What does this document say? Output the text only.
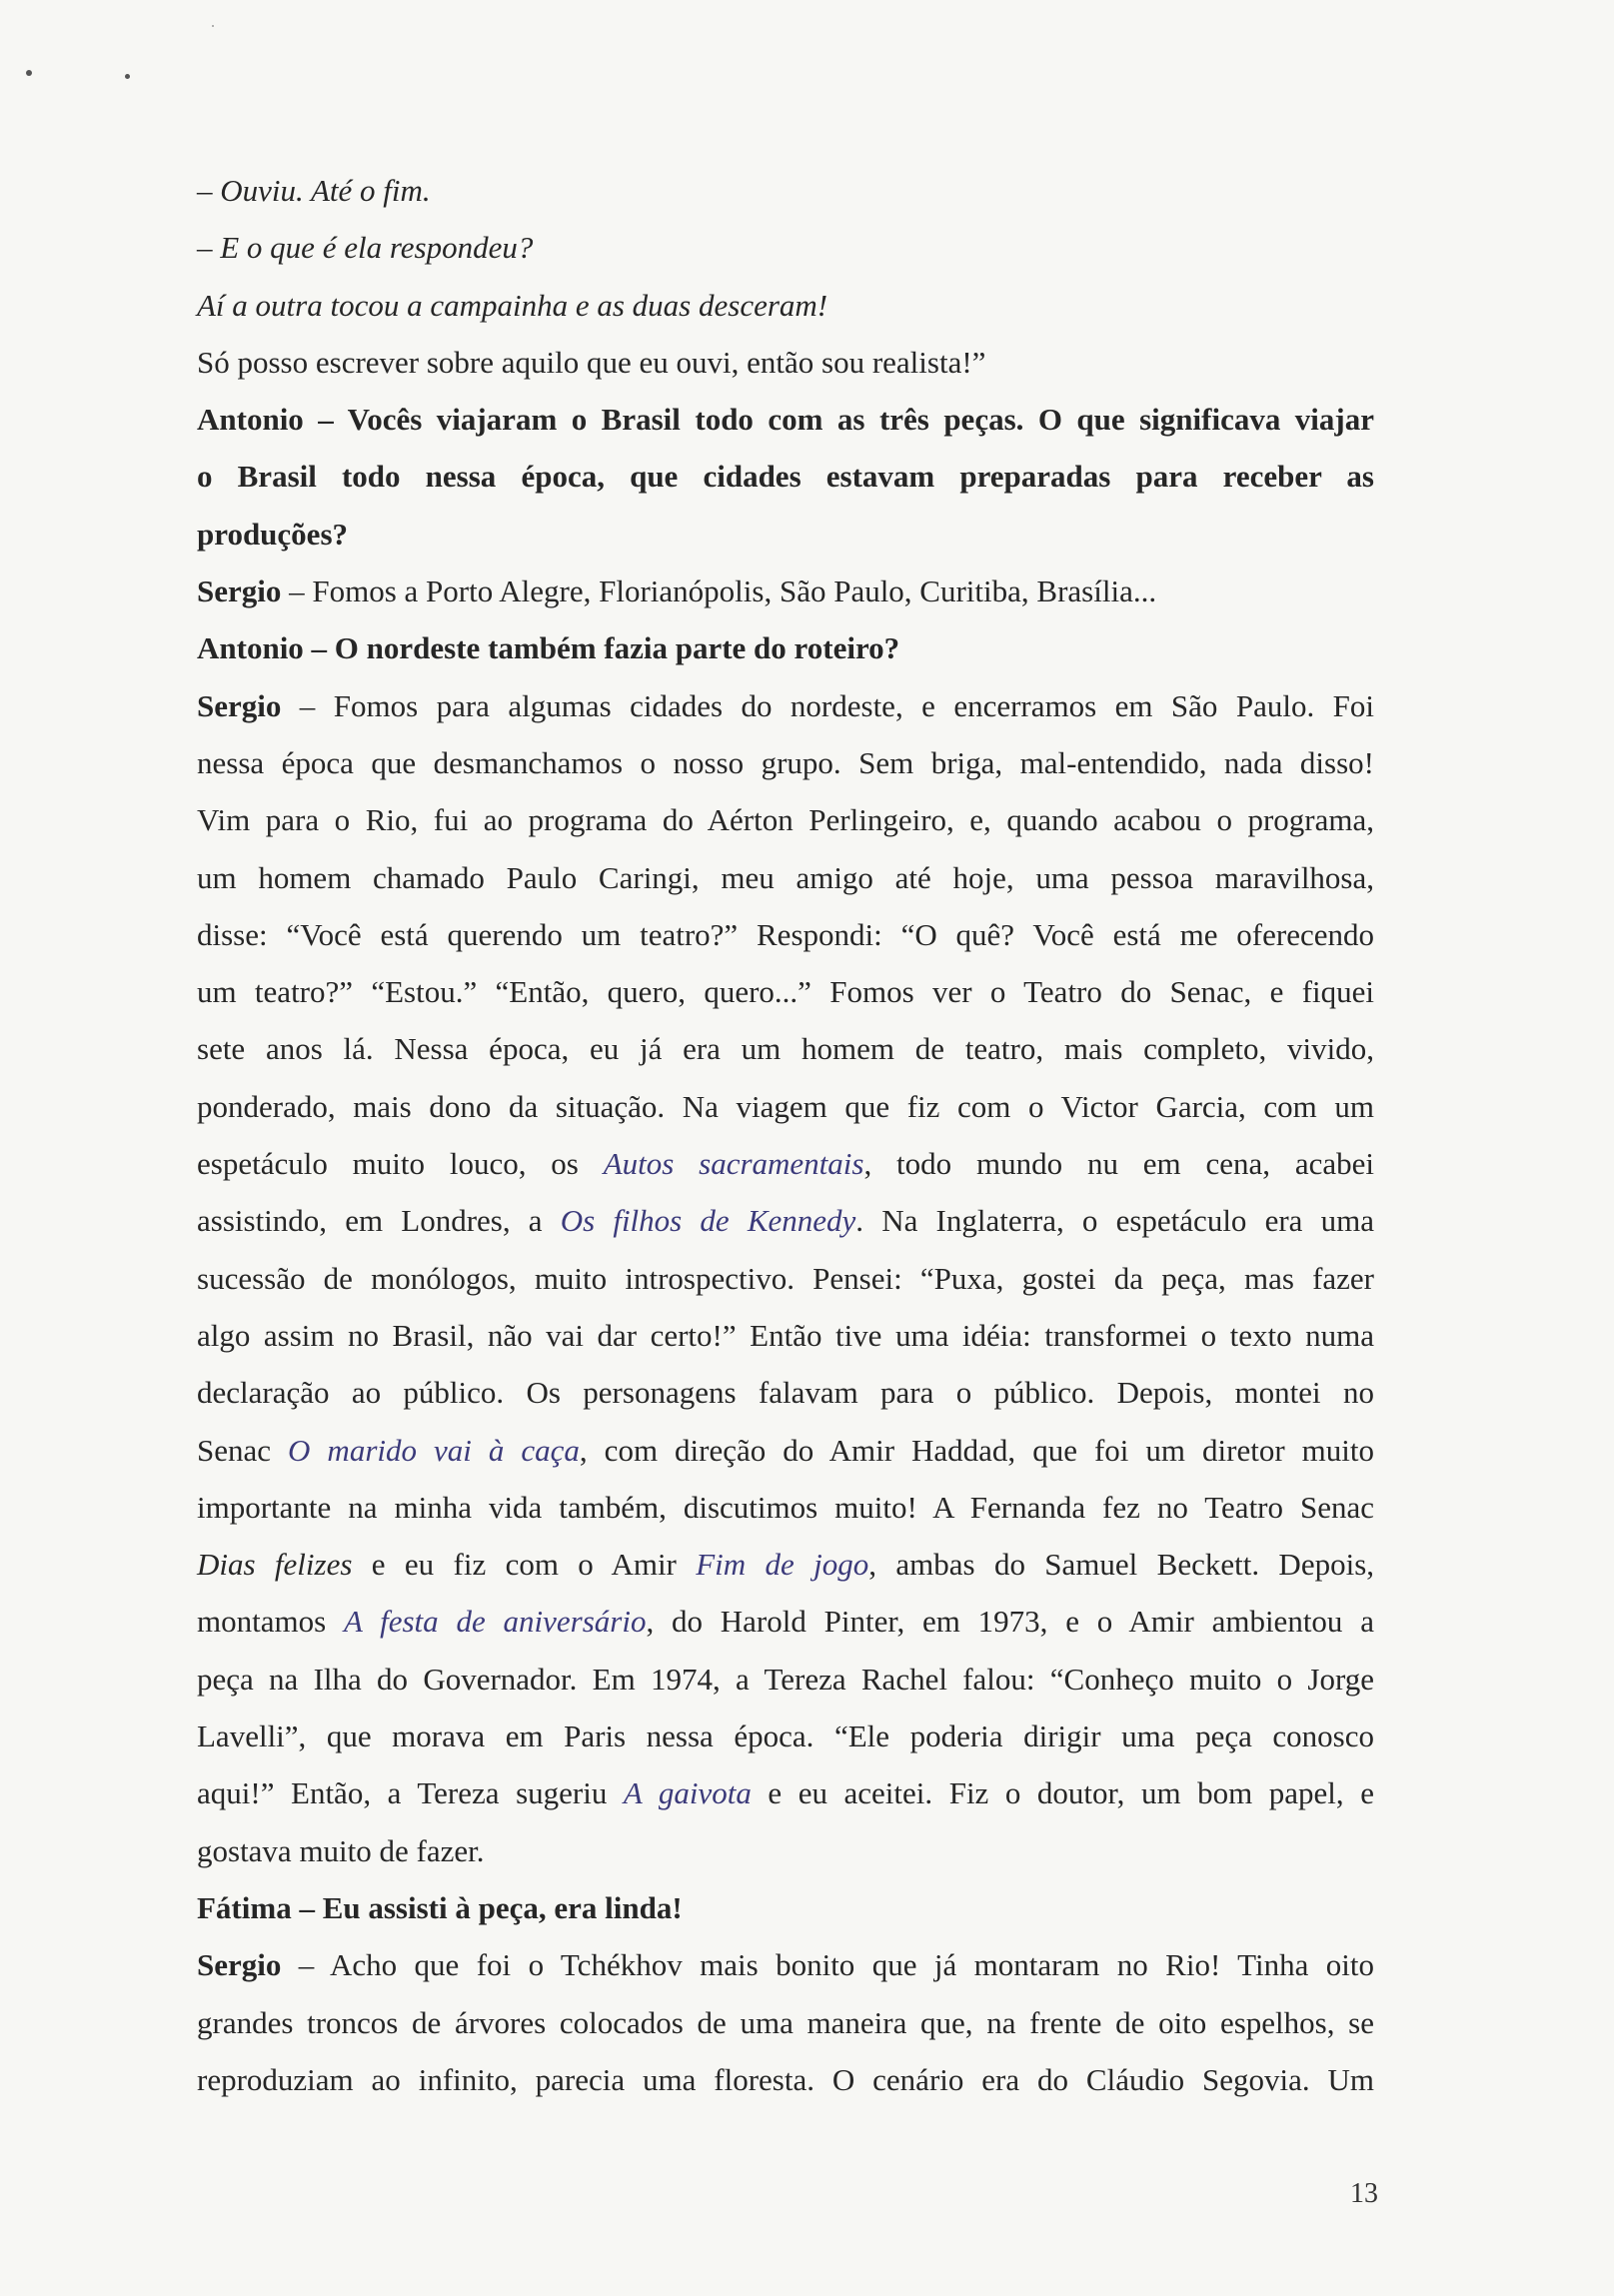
– Ouviu. Até o fim.
– E o que é ela respondeu?
Aí a outra tocou a campainha e as duas desceram!
Só posso escrever sobre aquilo que eu ouvi, então sou realista!”
Antonio – Vocês viajaram o Brasil todo com as três peças. O que significava viajar
o Brasil todo nessa época, que cidades estavam preparadas para receber as
produções?
Sergio – Fomos a Porto Alegre, Florianópolis, São Paulo, Curitiba, Brasília...
Antonio – O nordeste também fazia parte do roteiro?
Sergio – Fomos para algumas cidades do nordeste, e encerramos em São Paulo. Foi
nessa época que desmanchamos o nosso grupo. Sem briga, mal-entendido, nada disso!
Vim para o Rio, fui ao programa do Aérton Perlingeiro, e, quando acabou o programa,
um homem chamado Paulo Caringi, meu amigo até hoje, uma pessoa maravilhosa,
disse: “Você está querendo um teatro?” Respondi: “O quê? Você está me oferecendo
um teatro?” “Estou.” “Então, quero, quero...” Fomos ver o Teatro do Senac, e fiquei
sete anos lá. Nessa época, eu já era um homem de teatro, mais completo, vivido,
ponderado, mais dono da situação. Na viagem que fiz com o Victor Garcia, com um
espetáculo muito louco, os Autos sacramentais, todo mundo nu em cena, acabei
assistindo, em Londres, a Os filhos de Kennedy. Na Inglaterra, o espetáculo era uma
sucessão de monólogos, muito introspectivo. Pensei: “Puxa, gostei da peça, mas fazer
algo assim no Brasil, não vai dar certo!” Então tive uma idéia: transformei o texto numa
declaração ao público. Os personagens falavam para o público. Depois, montei no
Senac O marido vai à caça, com direção do Amir Haddad, que foi um diretor muito
importante na minha vida também, discutimos muito! A Fernanda fez no Teatro Senac
Dias felizes e eu fiz com o Amir Fim de jogo, ambas do Samuel Beckett. Depois,
montamos A festa de aniversário, do Harold Pinter, em 1973, e o Amir ambientou a
peça na Ilha do Governador. Em 1974, a Tereza Rachel falou: “Conheço muito o Jorge
Lavelli”, que morava em Paris nessa época. “Ele poderia dirigir uma peça conosco
aqui!” Então, a Tereza sugeriu A gaivota e eu aceitei. Fiz o doutor, um bom papel, e
gostava muito de fazer.
Fátima – Eu assisti à peça, era linda!
Sergio – Acho que foi o Tchékhov mais bonito que já montaram no Rio! Tinha oito
grandes troncos de árvores colocados de uma maneira que, na frente de oito espelhos, se
reproduziam ao infinito, parecia uma floresta. O cenário era do Cláudio Segovia. Um
13
